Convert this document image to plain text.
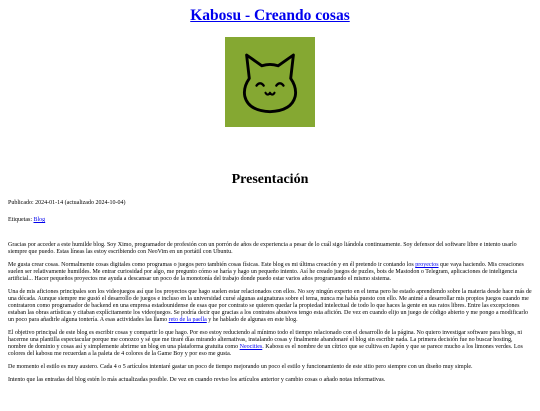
Kabosu - Creando cosas
Presentación

Publicado: 2024-01-14 (actualizado 2024-10-04)

Etiquetas: Blog

Gracias por acceder a este humilde blog. Soy Ximo, programador de profesión con un porrón de años de experiencia a pesar de lo cuál sigo liándola continuamente. Soy defensor del software libre e intento usarlo siempre que puedo. Estas líneas las estoy escribiendo con NeoVim en un portátil con Ubuntu.

Me gusta crear cosas. Normalmente cosas digitales como programas o juegos pero también cosas físicas. Este blog es mi última creación y en él pretendo ir contando los proyectos que vaya haciendo. Mis creaciones suelen ser relativamente humildes. Me entrar curiosidad por algo, me pregunto cómo se haría y hago un pequeño intento. Así he creado juegos de puzles, bots de Mastodon o Telegram, aplicaciones de inteligencia artificial... Hacer pequeños proyectos me ayuda a descansar un poco de la monotonía del trabajo donde puedo estar varios años programando el mismo sistema.

Una de mis aficiones principales son los videojuegos así que los proyectos que hago suelen estar relacionados con ellos. No soy ningún experto en el tema pero he estado aprendiendo sobre la materia desde hace más de una década. Aunque siempre me gustó el desarrollo de juegos e incluso en la universidad cursé algunas asignaturas sobre el tema, nunca me había puesto con ello. Me animé a desarrollar mis propios juegos cuando me contrataron como programador de backend en una empresa estadounidense de esas que por contrato se quieren quedar la propiedad intelectual de todo lo que haces la gente en sus ratos libres. Entre las excepciones estaban las obras artísticas y citaban explícitamente los videojuegos. Se podría decir que gracias a los contratos abusivos tengo esta afición. De vez en cuando elijo un juego de código abierto y me pongo a modificarlo un poco para añadirle alguna tontería. A esas actividades las llamo reto de la paella y he hablado de algunas en este blog.

El objetivo principal de este blog es escribir cosas y compartir lo que hago. Por eso estoy reduciendo al mínimo todo el tiempo relacionado con el desarrollo de la página. No quiero investigar software para blogs, ni hacerme una plantilla espectacular porque me conozco y sé que me tiraré días mirando alternativas, instalando cosas y finalmente abandonaré el blog sin escribir nada. La primera decisión fue no buscar hosting, nombre de dominio y cosas así y simplemente abrirme un blog en una plataforma gratuita como Neocities. Kabosu es el nombre de un cítrico que se cultiva en Japón y que se parece mucho a los limones verdes. Los colores del kabosu me recuerdan a la paleta de 4 colores de la Game Boy y por eso me gusta.

De momento el estilo es muy austero. Cada 4 o 5 artículos intentaré gastar un poco de tiempo mejorando un poco el estilo y funcionamiento de este sitio pero siempre con un diseño muy simple.

Intento que las entradas del blog estén lo más actualizadas posible. De vez en cuando reviso los artículos anterior y cambio cosas o añado notas informativas.
